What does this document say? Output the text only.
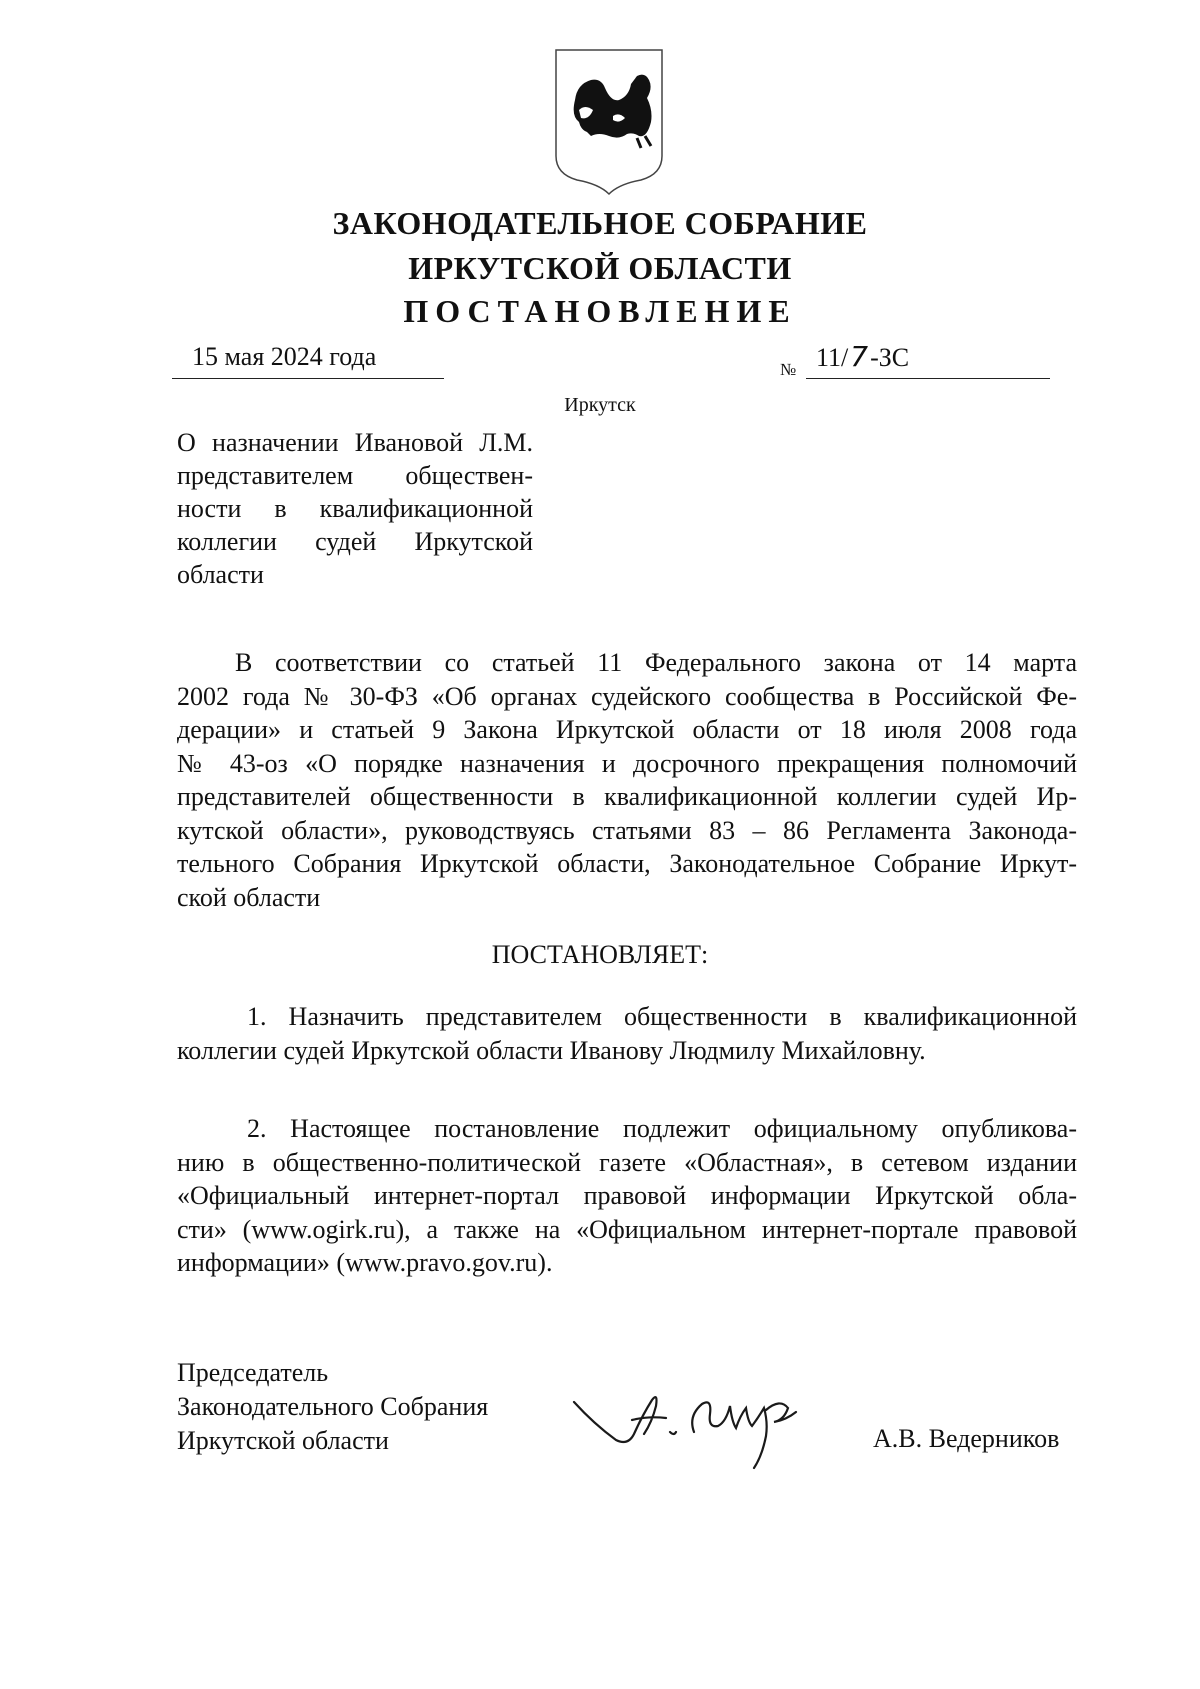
ЗАКОНОДАТЕЛЬНОЕ СОБРАНИЕ
ИРКУТСКОЙ ОБЛАСТИ
ПОСТАНОВЛЕНИЕ
15 мая 2024 года	№ 11/7-ЗС
Иркутск
О назначении Ивановой Л.М.
представителем обществен-
ности в квалификационной
коллегии судей Иркутской
области
В соответствии со статьей 11 Федерального закона от 14 марта
2002 года № 30-ФЗ «Об органах судейского сообщества в Российской Фе-
дерации» и статьей 9 Закона Иркутской области от 18 июля 2008 года
№ 43-оз «О порядке назначения и досрочного прекращения полномочий
представителей общественности в квалификационной коллегии судей Ир-
кутской области», руководствуясь статьями 83 – 86 Регламента Законода-
тельного Собрания Иркутской области, Законодательное Собрание Иркут-
ской области
ПОСТАНОВЛЯЕТ:
1. Назначить представителем общественности в квалификационной
коллегии судей Иркутской области Иванову Людмилу Михайловну.
2. Настоящее постановление подлежит официальному опубликова-
нию в общественно-политической газете «Областная», в сетевом издании
«Официальный интернет-портал правовой информации Иркутской обла-
сти» (www.ogirk.ru), а также на «Официальном интернет-портале правовой
информации» (www.pravo.gov.ru).
Председатель
Законодательного Собрания
Иркутской области	А.В. Ведерников
